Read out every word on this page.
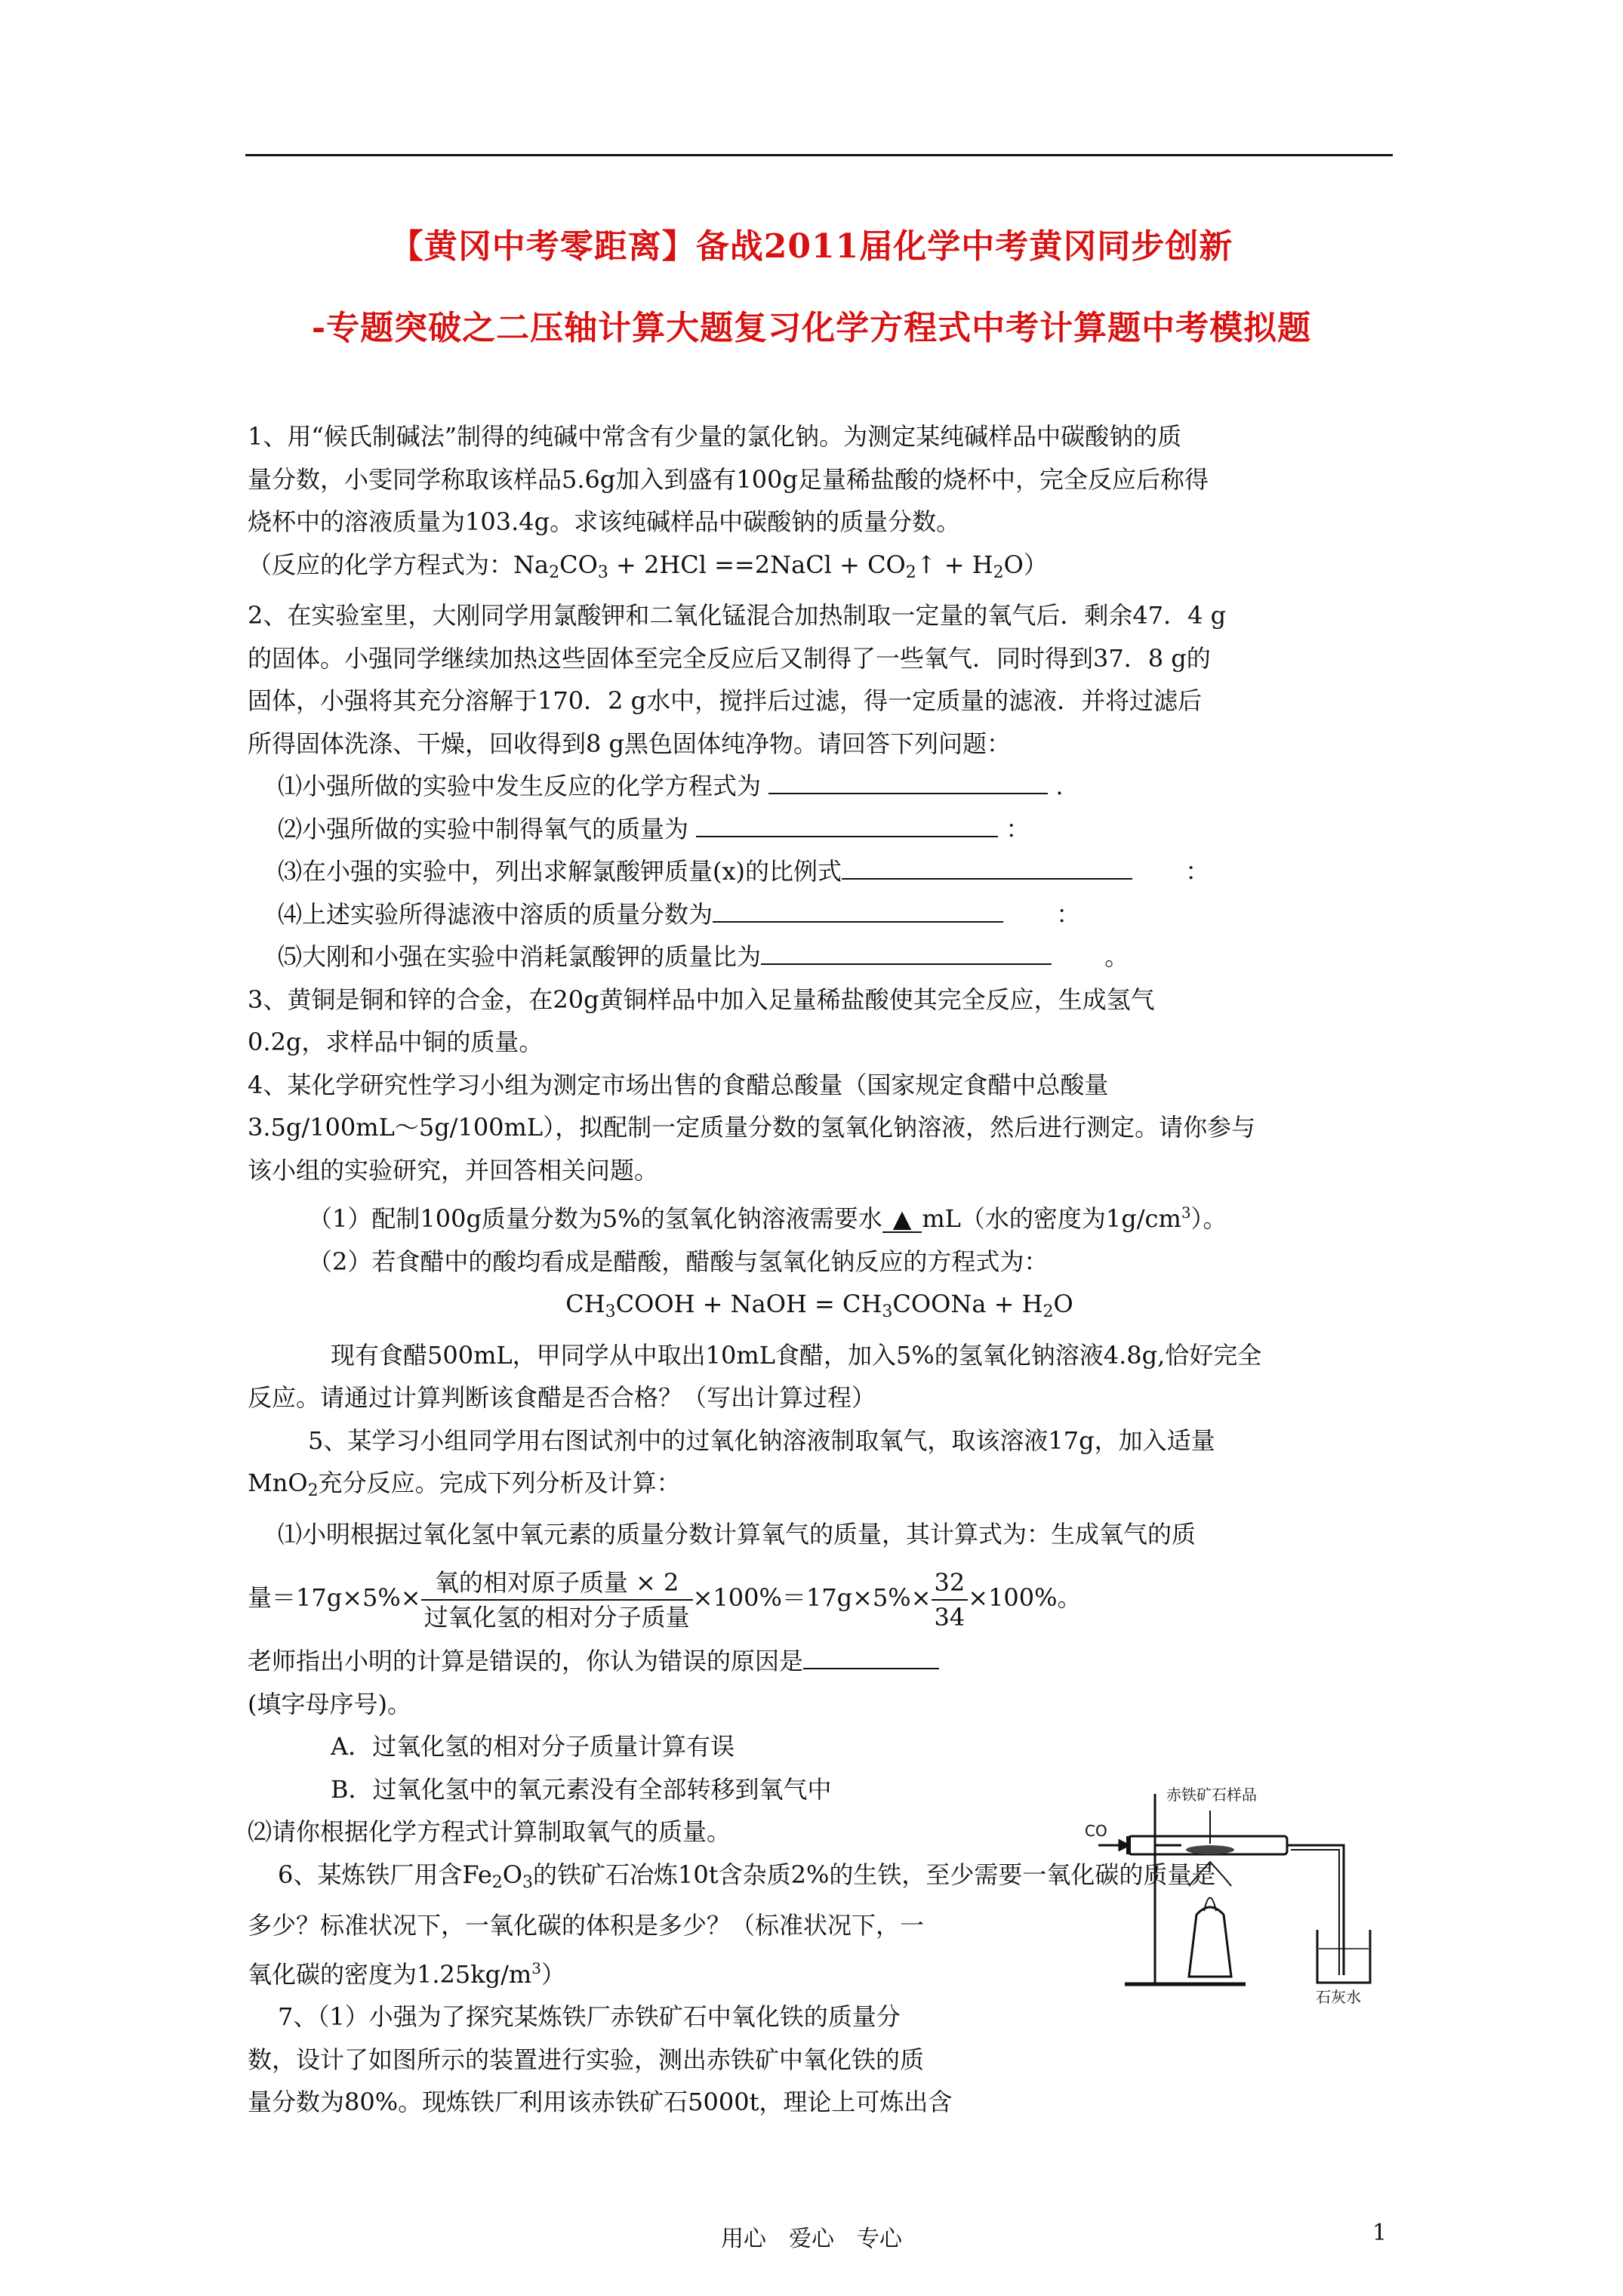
【黄冈中考零距离】备战2011届化学中考黄冈同步创新
-专题突破之二压轴计算大题复习化学方程式中考计算题中考模拟题

1、用“候氏制碱法”制得的纯碱中常含有少量的氯化钠。为测定某纯碱样品中碳酸钠的质

量分数，小雯同学称取该样品5.6g加入到盛有100g足量稀盐酸的烧杯中，完全反应后称得

烧杯中的溶液质量为103.4g。求该纯碱样品中碳酸钠的质量分数。

（反应的化学方程式为：$Na_2CO_3 + 2HCl$ ==2NaCl + $CO_2↑ + H_2O$）

2、在实验室里，大刚同学用氯酸钾和二氧化锰混合加热制取一定量的氧气后．剩余47．4 g

的固体。小强同学继续加热这些固体至完全反应后又制得了一些氧气．同时得到37．8 g的

固体，小强将其充分溶解于170．2 g水中，搅拌后过滤，得一定质量的滤液．并将过滤后

所得固体洗涤、干燥，回收得到8 g黑色固体纯净物。请回答下列问题：

⑴小强所做的实验中发生反应的化学方程式为	.

⑵小强所做的实验中制得氧气的质量为	：

⑶在小强的实验中，列出求解氯酸钾质量(x)的比例式	：

⑷上述实验所得滤液中溶质的质量分数为	：

⑸大刚和小强在实验中消耗氯酸钾的质量比为	。

3、黄铜是铜和锌的合金，在20g黄铜样品中加入足量稀盐酸使其完全反应，生成氢气

0.2g，求样品中铜的质量。

4、某化学研究性学习小组为测定市场出售的食醋总酸量（国家规定食醋中总酸量

3.5g/100mL～5g/100mL），拟配制一定质量分数的氢氧化钠溶液，然后进行测定。请你参与

该小组的实验研究，并回答相关问题。

（1）配制100g质量分数为5%的氢氧化钠溶液需要水 ▲ mL（水的密度为$1g/cm^3$）。

（2）若食醋中的酸均看成是醋酸，醋酸与氢氧化钠反应的方程式为：

$CH_3COOH$ + NaOH = $CH_3COONa + H_2O$

现有食醋500mL，甲同学从中取出10mL食醋，加入5%的氢氧化钠溶液4.8g,恰好完全

反应。请通过计算判断该食醋是否合格？（写出计算过程）

5、某学习小组同学用右图试剂中的过氧化钠溶液制取氧气，取该溶液17g，加入适量

MnO$_2$充分反应。完成下列分析及计算：

⑴小明根据过氧化氢中氧元素的质量分数计算氧气的质量，其计算式为：生成氧气的质

量$=17g\times 5\%\times \frac{\text{氧的相对原子质量 × 2}}{\text{过氧化氢的相对分子质量}} \times 100\%=17g\times 5\%\times \frac{32}{34} \times 100\%$。

老师指出小明的计算是错误的，你认为错误的原因是

(填字母序号)。

A．过氧化氢的相对分子质量计算有误

B．过氧化氢中的氧元素没有全部转移到氧气中

⑵请你根据化学方程式计算制取氧气的质量。

6、某炼铁厂用含$Fe_2O_3$的铁矿石冶炼10t含杂质2%的生铁，至少需要一氧化碳的质量是

多少？标准状况下，一氧化碳的体积是多少？（标准状况下，一

氧化碳的密度为$1.25kg/m^3$）

7、（1）小强为了探究某炼铁厂赤铁矿石中氧化铁的质量分

数，设计了如图所示的装置进行实验，测出赤铁矿中氧化铁的质

量分数为80%。现炼铁厂利用该赤铁矿石5000t，理论上可炼出含

赤铁矿石样品
CO
石灰水
用心　爱心　专心	1
